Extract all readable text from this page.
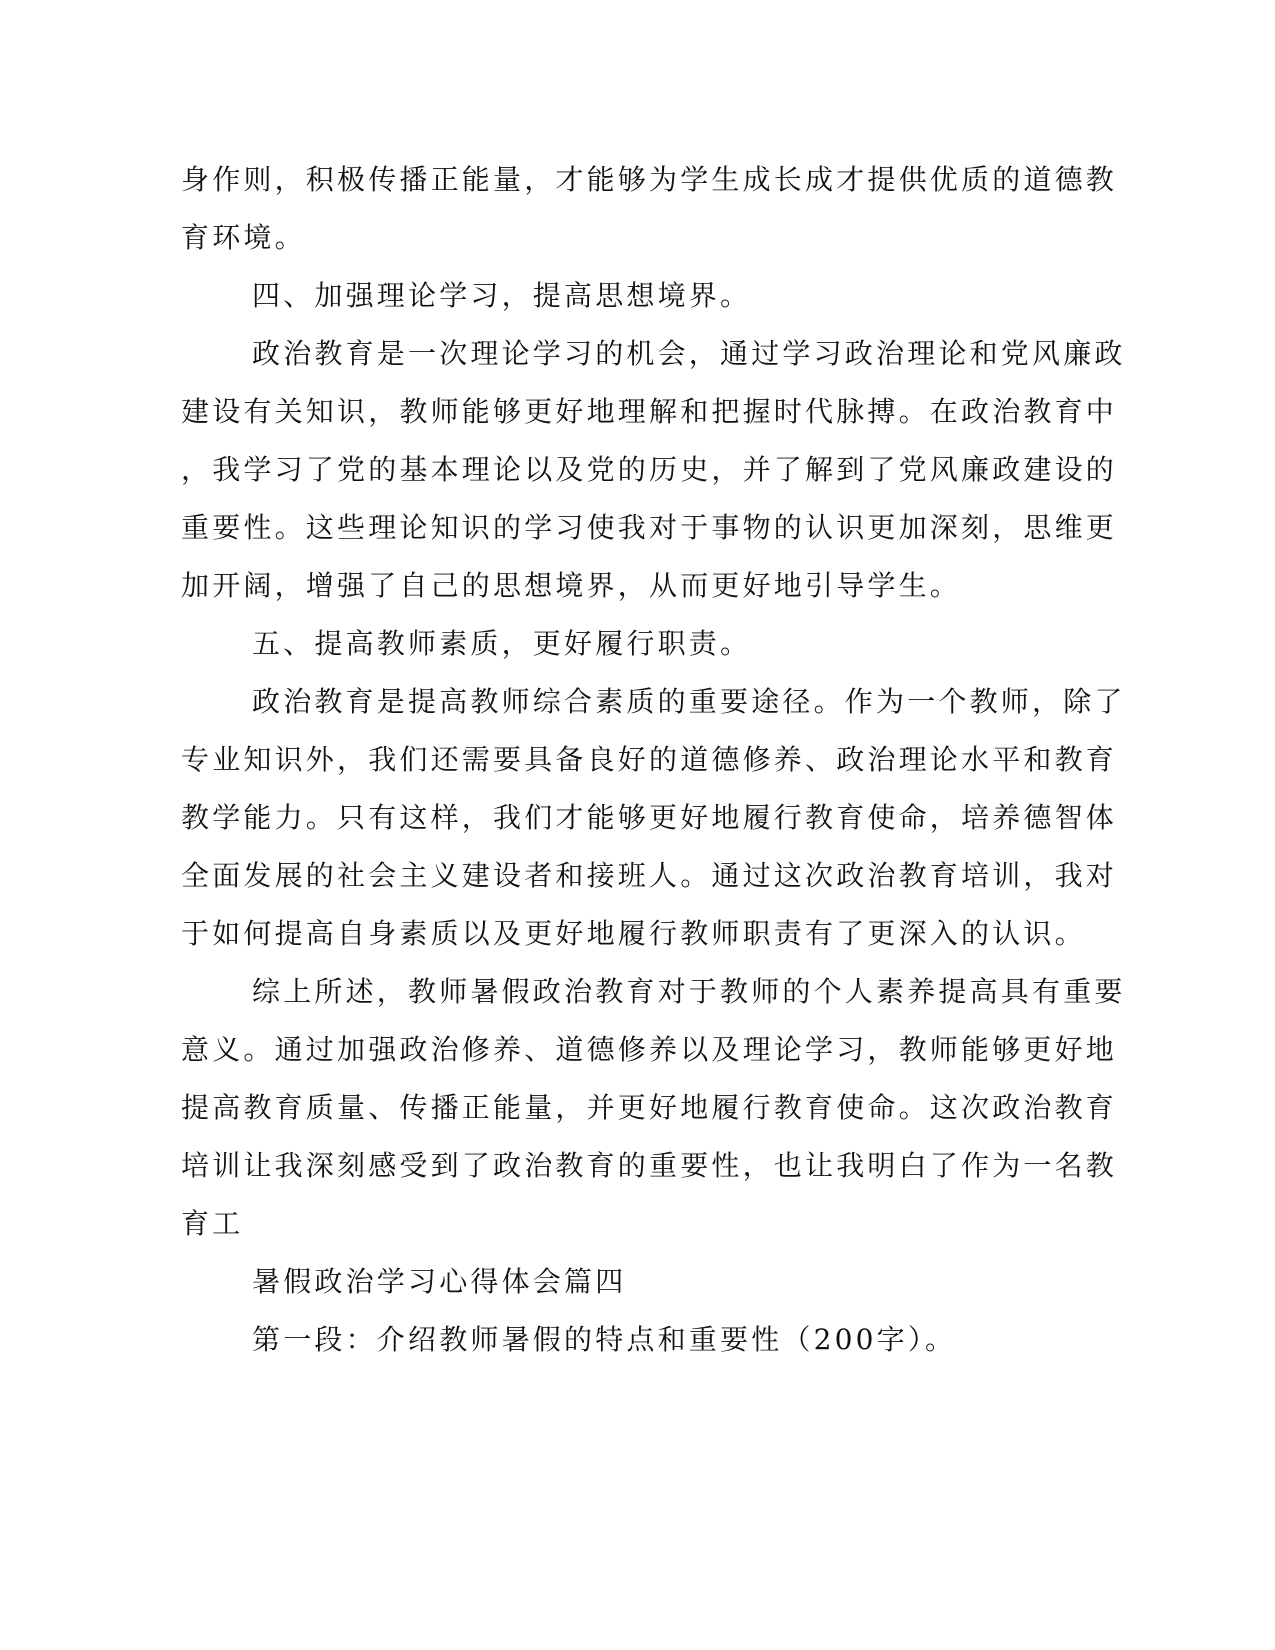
身作则，积极传播正能量，才能够为学生成长成才提供优质的道德教
育环境。
四、加强理论学习，提高思想境界。
政治教育是一次理论学习的机会，通过学习政治理论和党风廉政
建设有关知识，教师能够更好地理解和把握时代脉搏。在政治教育中
，我学习了党的基本理论以及党的历史，并了解到了党风廉政建设的
重要性。这些理论知识的学习使我对于事物的认识更加深刻，思维更
加开阔，增强了自己的思想境界，从而更好地引导学生。
五、提高教师素质，更好履行职责。
政治教育是提高教师综合素质的重要途径。作为一个教师，除了
专业知识外，我们还需要具备良好的道德修养、政治理论水平和教育
教学能力。只有这样，我们才能够更好地履行教育使命，培养德智体
全面发展的社会主义建设者和接班人。通过这次政治教育培训，我对
于如何提高自身素质以及更好地履行教师职责有了更深入的认识。
综上所述，教师暑假政治教育对于教师的个人素养提高具有重要
意义。通过加强政治修养、道德修养以及理论学习，教师能够更好地
提高教育质量、传播正能量，并更好地履行教育使命。这次政治教育
培训让我深刻感受到了政治教育的重要性，也让我明白了作为一名教
育工
暑假政治学习心得体会篇四
第一段：介绍教师暑假的特点和重要性（200字）。
